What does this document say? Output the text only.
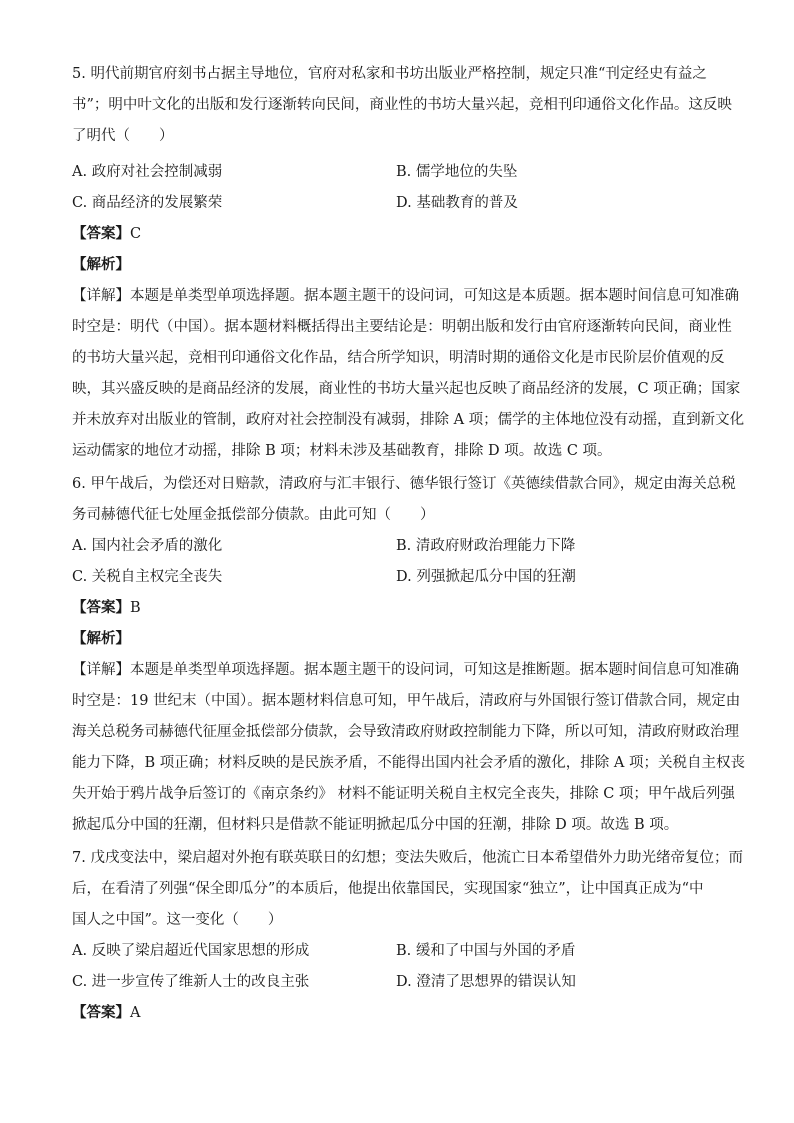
5. 明代前期官府刻书占据主导地位，官府对私家和书坊出版业严格控制，规定只准“刊定经史有益之
书”；明中叶文化的出版和发行逐渐转向民间，商业性的书坊大量兴起，竞相刊印通俗文化作品。这反映
了明代（　　）
A. 政府对社会控制减弱	B. 儒学地位的失坠
C. 商品经济的发展繁荣	D. 基础教育的普及
【答案】C
【解析】
【详解】本题是单类型单项选择题。据本题主题干的设问词，可知这是本质题。据本题时间信息可知准确
时空是：明代（中国）。据本题材料概括得出主要结论是：明朝出版和发行由官府逐渐转向民间，商业性
的书坊大量兴起，竞相刊印通俗文化作品，结合所学知识，明清时期的通俗文化是市民阶层价值观的反
映，其兴盛反映的是商品经济的发展，商业性的书坊大量兴起也反映了商品经济的发展，C 项正确；国家
并未放弃对出版业的管制，政府对社会控制没有减弱，排除 A 项；儒学的主体地位没有动摇，直到新文化
运动儒家的地位才动摇，排除 B 项；材料未涉及基础教育，排除 D 项。故选 C 项。
6. 甲午战后，为偿还对日赔款，清政府与汇丰银行、德华银行签订《英德续借款合同》，规定由海关总税
务司赫德代征七处厘金抵偿部分债款。由此可知（　　）
A. 国内社会矛盾的激化	B. 清政府财政治理能力下降
C. 关税自主权完全丧失	D. 列强掀起瓜分中国的狂潮
【答案】B
【解析】
【详解】本题是单类型单项选择题。据本题主题干的设问词，可知这是推断题。据本题时间信息可知准确
时空是：19 世纪末（中国）。据本题材料信息可知，甲午战后，清政府与外国银行签订借款合同，规定由
海关总税务司赫德代征厘金抵偿部分债款，会导致清政府财政控制能力下降，所以可知，清政府财政治理
能力下降，B 项正确；材料反映的是民族矛盾，不能得出国内社会矛盾的激化，排除 A 项；关税自主权丧
失开始于鸦片战争后签订的《南京条约》 材料不能证明关税自主权完全丧失，排除 C 项；甲午战后列强
掀起瓜分中国的狂潮，但材料只是借款不能证明掀起瓜分中国的狂潮，排除 D 项。故选 B 项。
7. 戊戌变法中，梁启超对外抱有联英联日的幻想；变法失败后，他流亡日本希望借外力助光绪帝复位；而
后，在看清了列强“保全即瓜分”的本质后，他提出依靠国民，实现国家“独立”，让中国真正成为“中
国人之中国”。这一变化（　　）
A. 反映了梁启超近代国家思想的形成	B. 缓和了中国与外国的矛盾
C. 进一步宣传了维新人士的改良主张	D. 澄清了思想界的错误认知
【答案】A
